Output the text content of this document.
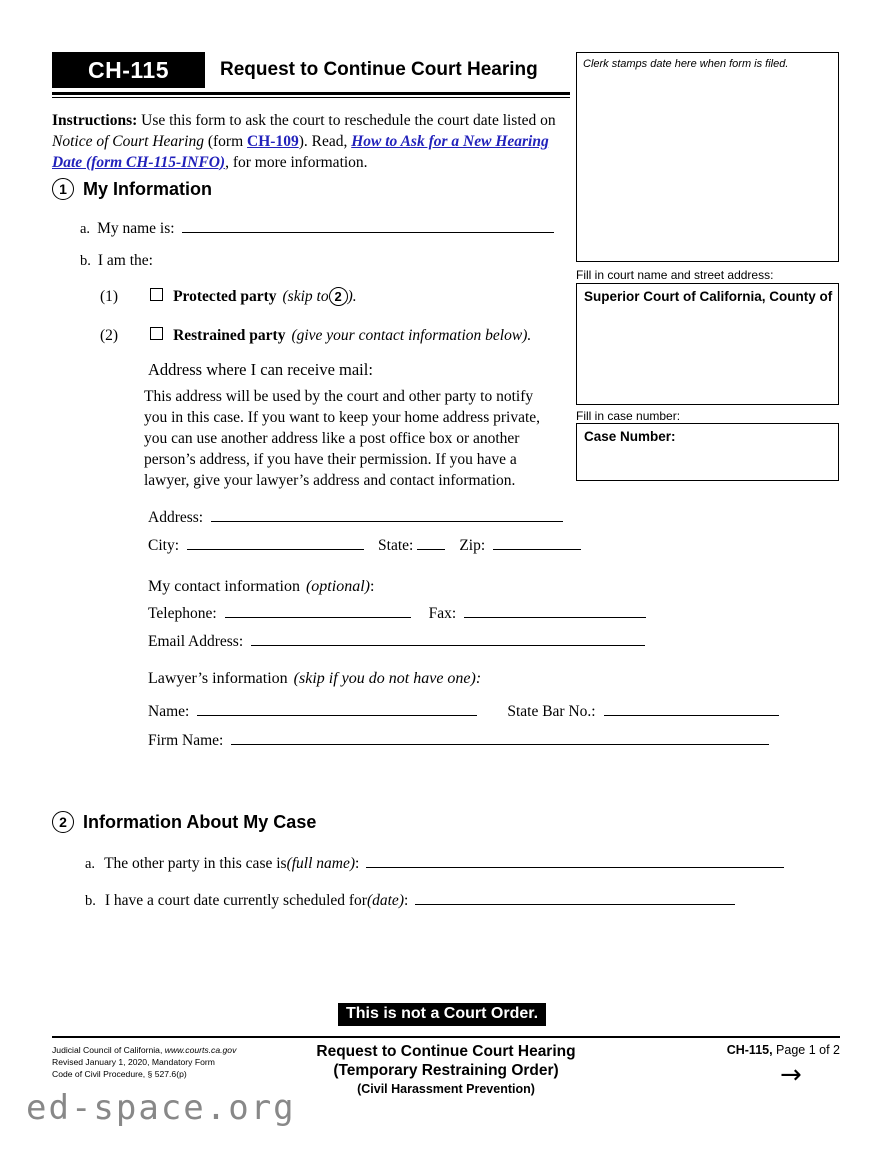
CH-115	Request to Continue Court Hearing
Instructions: Use this form to ask the court to reschedule the court date listed on Notice of Court Hearing (form CH-109). Read, How to Ask for a New Hearing Date (form CH-115-INFO), for more information.
Clerk stamps date here when form is filed.
Fill in court name and street address:
Superior Court of California, County of
Fill in case number:
Case Number:
1 My Information
a. My name is:
b. I am the:
(1)	Protected party (skip to 2 ).
(2)	Restrained party (give your contact information below).
Address where I can receive mail:
This address will be used by the court and other party to notify you in this case. If you want to keep your home address private, you can use another address like a post office box or another person’s address, if you have their permission. If you have a lawyer, give your lawyer’s address and contact information.
Address:
City:	State:	Zip:
My contact information (optional) :
Telephone:	Fax:
Email Address:
Lawyer’s information (skip if you do not have one):
Name:	State Bar No.:
Firm Name:
2 Information About My Case
a. The other party in this case is (full name) :
b. I have a court date currently scheduled for (date) :
This is not a Court Order.
Judicial Council of California, www.courts.ca.gov
Revised January 1, 2020, Mandatory Form
Code of Civil Procedure, § 527.6(p)
Request to Continue Court Hearing
(Temporary Restraining Order)
(Civil Harassment Prevention)
CH-115, Page 1 of 2
→
ed-space.org
